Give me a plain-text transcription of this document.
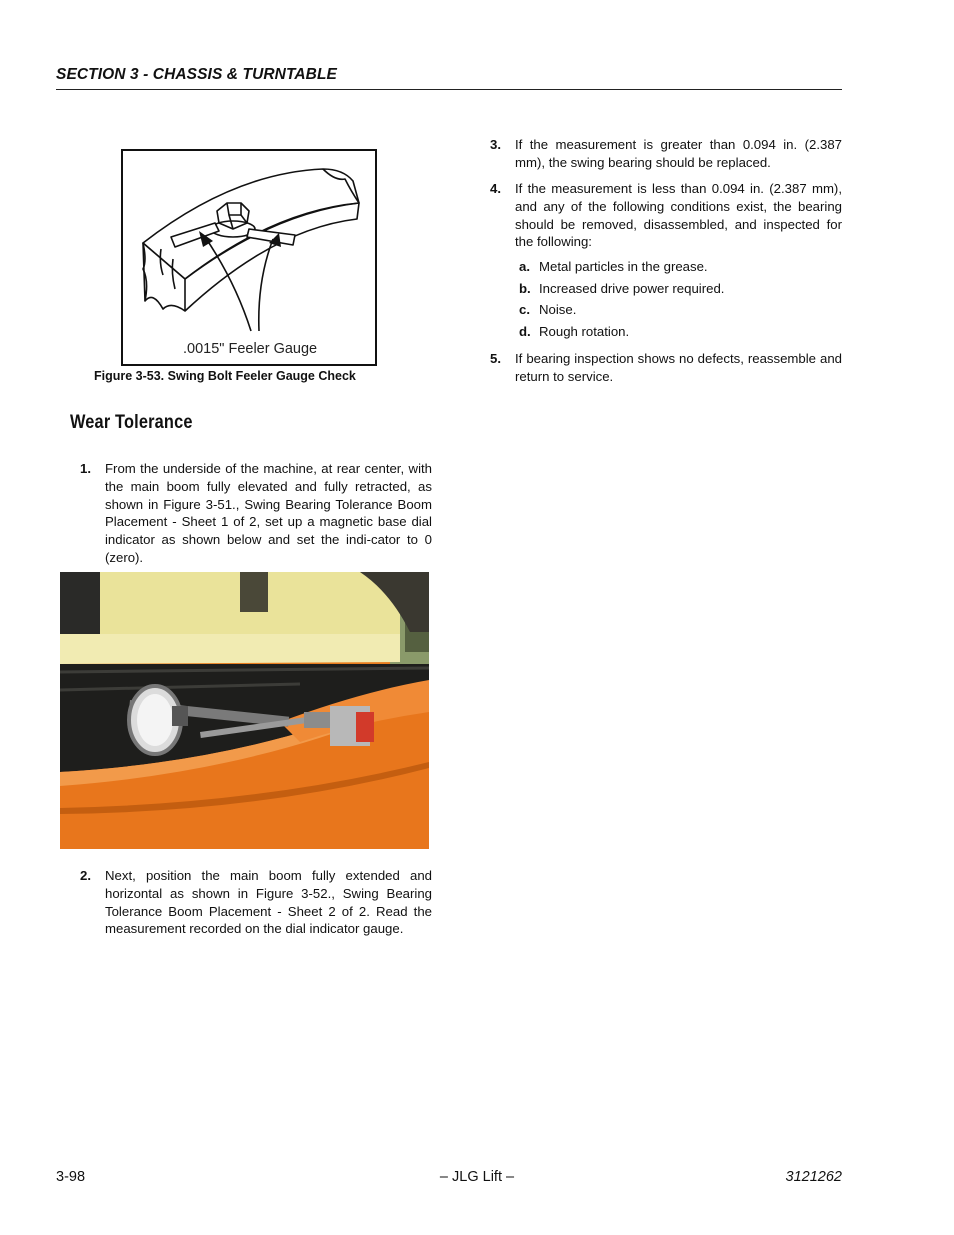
SECTION 3 - CHASSIS & TURNTABLE
.0015" Feeler Gauge
Figure 3-53. Swing Bolt Feeler Gauge Check
Wear Tolerance
1. From the underside of the machine, at rear center, with the main boom fully elevated and fully retracted, as shown in Figure 3-51., Swing Bearing Tolerance Boom Placement - Sheet 1 of 2, set up a magnetic base dial indicator as shown below and set the indi-cator to 0 (zero).
2. Next, position the main boom fully extended and horizontal as shown in Figure 3-52., Swing Bearing Tolerance Boom Placement - Sheet 2 of 2. Read the measurement recorded on the dial indicator gauge.
3. If the measurement is greater than 0.094 in. (2.387 mm), the swing bearing should be replaced.
4. If the measurement is less than 0.094 in. (2.387 mm), and any of the following conditions exist, the bearing should be removed, disassembled, and inspected for the following:
a. Metal particles in the grease.
b. Increased drive power required.
c. Noise.
d. Rough rotation.
5. If bearing inspection shows no defects, reassemble and return to service.
3-98	– JLG Lift –	3121262
